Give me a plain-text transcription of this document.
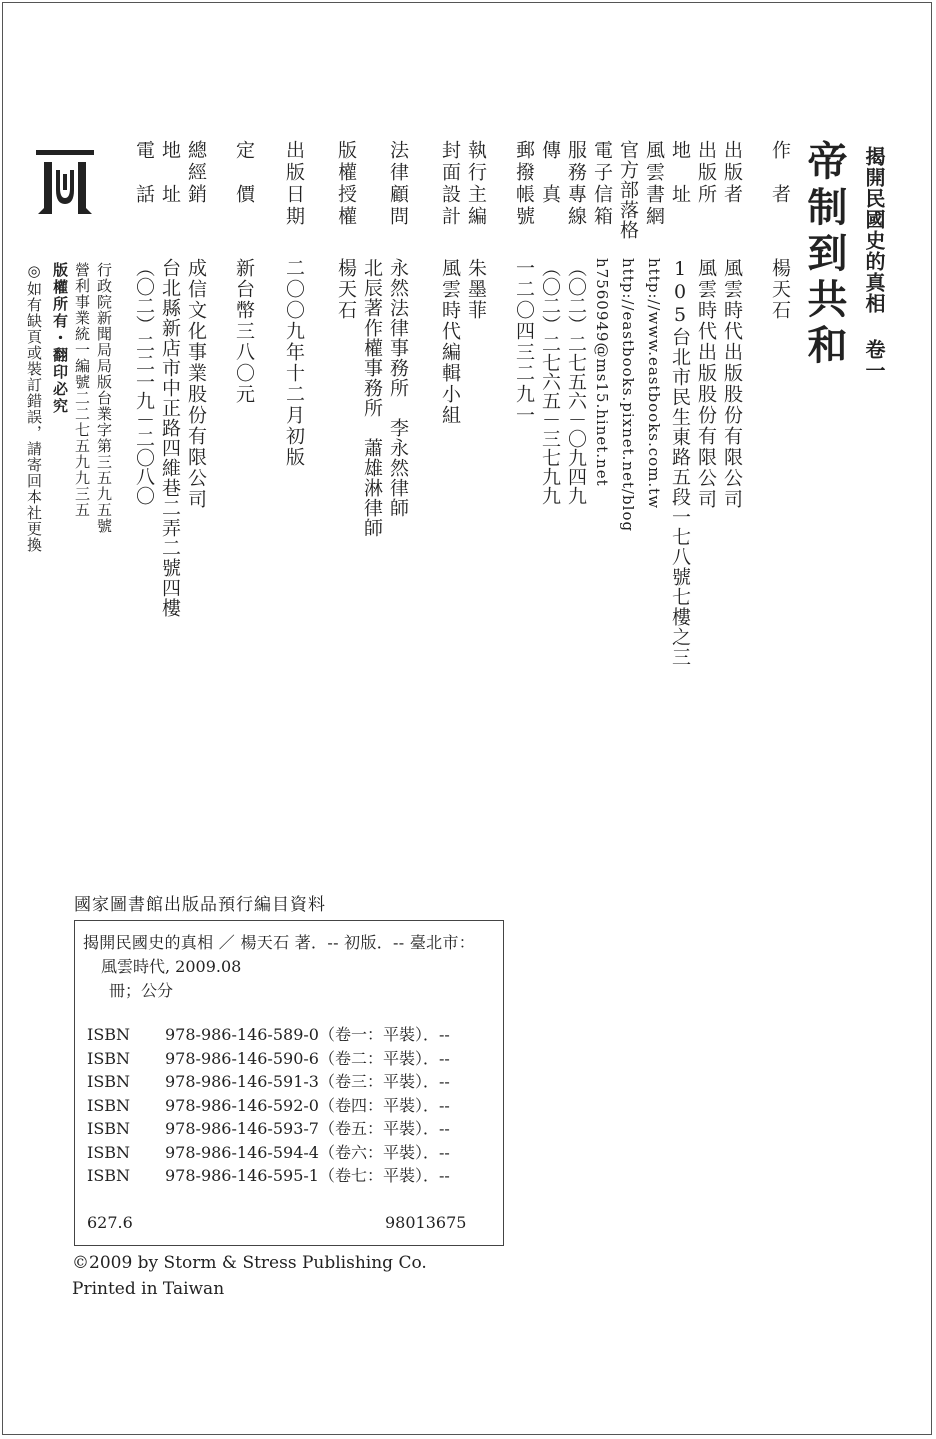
揭開民國史的真相 卷一
帝制到共和
作　者
楊天石
出版者
風雲時代出版股份有限公司
出版所
風雲時代出版股份有限公司
地　址
105台北市民生東路五段一七八號七樓之三
風雲書網
http://www.eastbooks.com.tw
官方部落格
http://eastbooks.pixnet.net/blog
電子信箱
h7560949@ms15.hinet.net
服務專線
（〇二）二七五六－〇九四九
傳　真
（〇二）二七六五－三七九九
郵撥帳號
一二〇四三二九一
執行主編
朱墨菲
封面設計
風雲時代編輯小組
法律顧問
永然法律事務所　李永然律師
北辰著作權事務所　蕭雄淋律師
版權授權
楊天石
出版日期
二〇〇九年十二月初版
定　價
新台幣三八〇元
總經銷
成信文化事業股份有限公司
地　址
台北縣新店市中正路四維巷二弄二號四樓
電　話
（〇二）二二一九－二〇八〇
行政院新聞局局版台業字第三五九五號
營利事業統一編號二二七五九九三五
版權所有・翻印必究
◎如有缺頁或裝訂錯誤，請寄回本社更換
國家圖書館出版品預行編目資料
揭開民國史的真相 ／ 楊天石 著．-- 初版．-- 臺北市：
風雲時代, 2009.08
冊；公分
ISBN	978-986-146-589-0（卷一：平裝）．--
ISBN	978-986-146-590-6（卷二：平裝）．--
ISBN	978-986-146-591-3（卷三：平裝）．--
ISBN	978-986-146-592-0（卷四：平裝）．--
ISBN	978-986-146-593-7（卷五：平裝）．--
ISBN	978-986-146-594-4（卷六：平裝）．--
ISBN	978-986-146-595-1（卷七：平裝）．--
627.6	98013675
©2009 by Storm & Stress Publishing Co.
Printed in Taiwan
